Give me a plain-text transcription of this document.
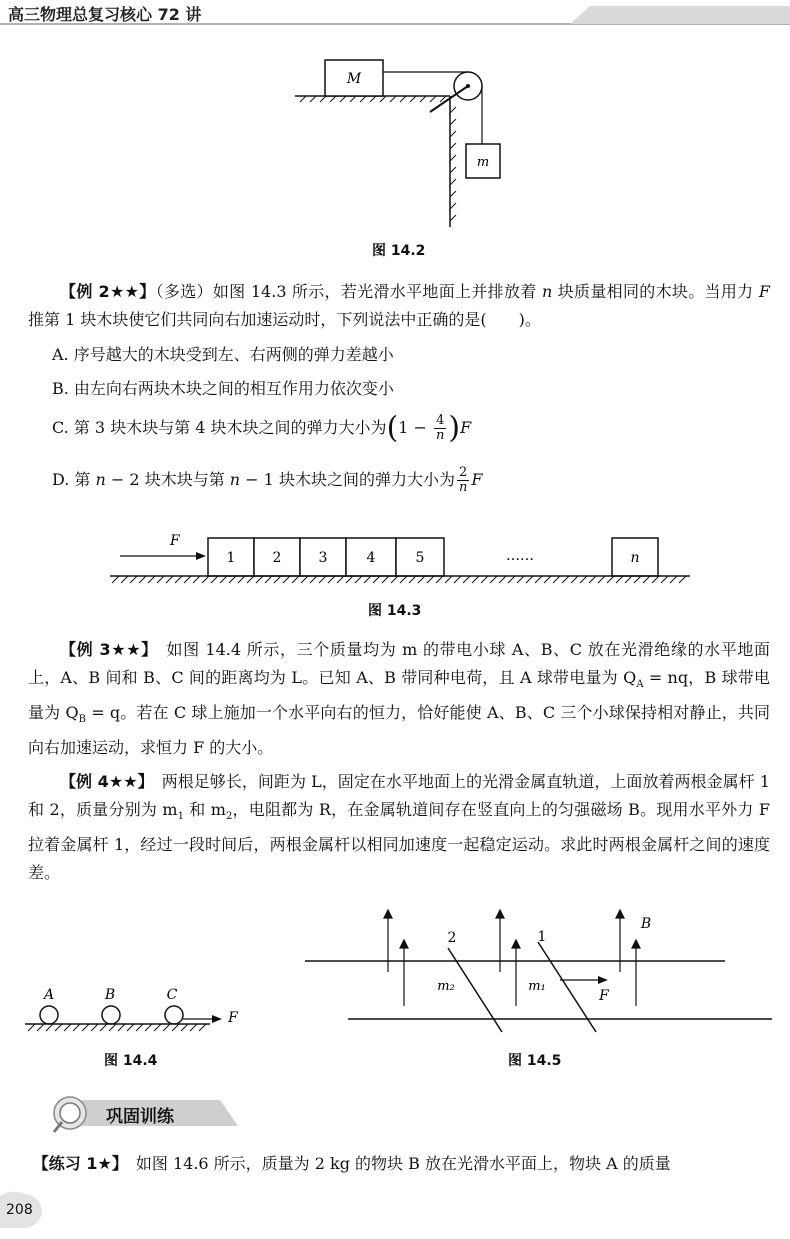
高三物理总复习核心 72 讲
M
m
图 14.2

【例 2★★】（多选）如图 14.3 所示，若光滑水平地面上并排放着 n 块质量相同的木块。当用力 F 推第 1 块木块使它们共同向右加速运动时，下列说法中正确的是(　　)。

A. 序号越大的木块受到左、右两侧的弹力差越小
B. 由左向右两块木块之间的相互作用力依次变小
C. 第 3 块木块与第 4 块木块之间的弹力大小为$(1 - \frac{4}{n} )F$
D. 第 n − 2 块木块与第 n − 1 块木块之间的弹力大小为 $\frac{2}{n}$ F
F
1	2	3	4	5	……	n
图 14.3

【例 3★★】　 如图 14.4 所示，三个质量均为 m 的带电小球 A、B、C 放在光滑绝缘的水平地面上，A、B 间和 B、C 间的距离均为 L。已知 A、B 带同种电荷，且 A 球带电量为 $Q_A$ = nq，B 球带电量为 $Q_B = q$。若在 C 球上施加一个水平向右的恒力，恰好能使 A、B、C 三个小球保持相对静止，共同向右加速运动，求恒力 F 的大小。

【例 4★★】　 两根足够长，间距为 L，固定在水平地面上的光滑金属直轨道，上面放着两根金属杆 1 和 2，质量分别为 $m_1$ 和 $m_2$，电阻都为 R，在金属轨道间存在竖直向上的匀强磁场 B。现用水平外力 F 拉着金属杆 1，经过一段时间后，两根金属杆以相同加速度一起稳定运动。求此时两根金属杆之间的速度差。

A	B	C
F
图 14.4
2	1
m₂	m₁
F
B
图 14.5
巩固训练

【练习 1★】　 如图 14.6 所示，质量为 2 kg 的物块 B 放在光滑水平面上，物块 A 的质量

208
